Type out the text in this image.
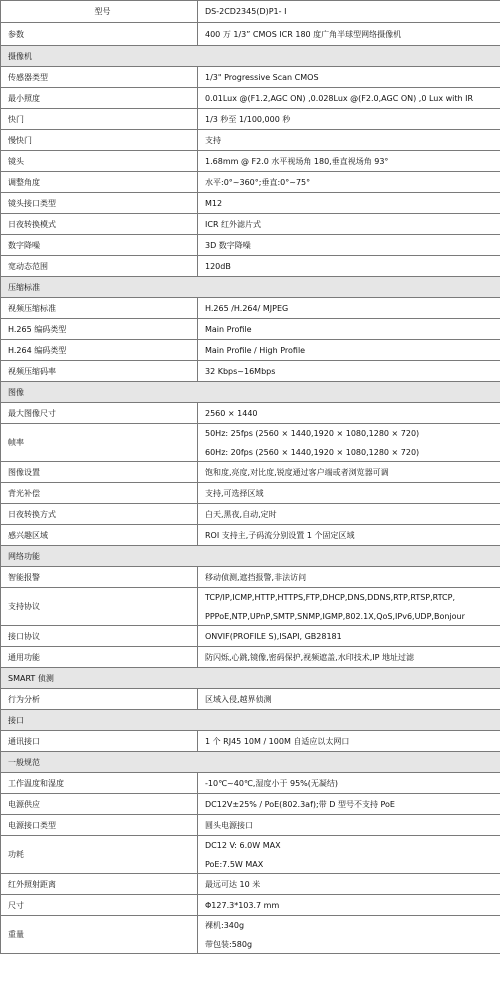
型号	DS-2CD2345(D)P1- I
参数	400 万 1/3” CMOS ICR 180 度广角半球型网络摄像机
摄像机	
传感器类型	1/3" Progressive Scan CMOS

最小照度	0.01Lux @(F1.2,AGC ON) ,0.028Lux @(F2.0,AGC ON) ,0 Lux with IR

快门	1/3 秒至 1/100,000 秒

慢快门	支持

镜头	1.68mm @ F2.0 水平视场角 180,垂直视场角 93°

调整角度	水平:0°~360°;垂直:0°~75°

镜头接口类型	M12

日夜转换模式	ICR 红外滤片式

数字降噪	3D 数字降噪

宽动态范围	120dB

压缩标准	
视频压缩标准	H.265 /H.264/ MJPEG

H.265 编码类型	Main Profile

H.264 编码类型	Main Profile / High Profile

视频压缩码率	32 Kbps~16Mbps

图像	
最大图像尺寸	2560 × 1440

帧率	50Hz: 25fps (2560 × 1440,1920 × 1080,1280 × 720)
60Hz: 20fps (2560 × 1440,1920 × 1080,1280 × 720)

图像设置	饱和度,亮度,对比度,锐度通过客户端或者浏览器可调

背光补偿	支持,可选择区域

日夜转换方式	白天,黑夜,自动,定时

感兴趣区域	ROI 支持主,子码流分别设置 1 个固定区域

网络功能	
智能报警	移动侦测,遮挡报警,非法访问

支持协议	TCP/IP,ICMP,HTTP,HTTPS,FTP,DHCP,DNS,DDNS,RTP,RTSP,RTCP,
PPPoE,NTP,UPnP,SMTP,SNMP,IGMP,802.1X,QoS,IPv6,UDP,Bonjour

接口协议	ONVIF(PROFILE S),ISAPI, GB28181

通用功能	防闪烁,心跳,镜像,密码保护,视频遮盖,水印技术,IP 地址过滤

SMART 侦测	
行为分析	区域入侵,越界侦测

接口	
通讯接口	1 个 RJ45 10M / 100M 自适应以太网口

一般规范	
工作温度和湿度	-10℃~40℃,湿度小于 95%(无凝结)

电源供应	DC12V±25% / PoE(802.3af);带 D 型号不支持 PoE

电源接口类型	圆头电源接口

功耗	DC12 V: 6.0W MAX
PoE:7.5W MAX

红外照射距离	最远可达 10 米

尺寸	Φ127.3*103.7 mm

重量	裸机:340g
带包装:580g
